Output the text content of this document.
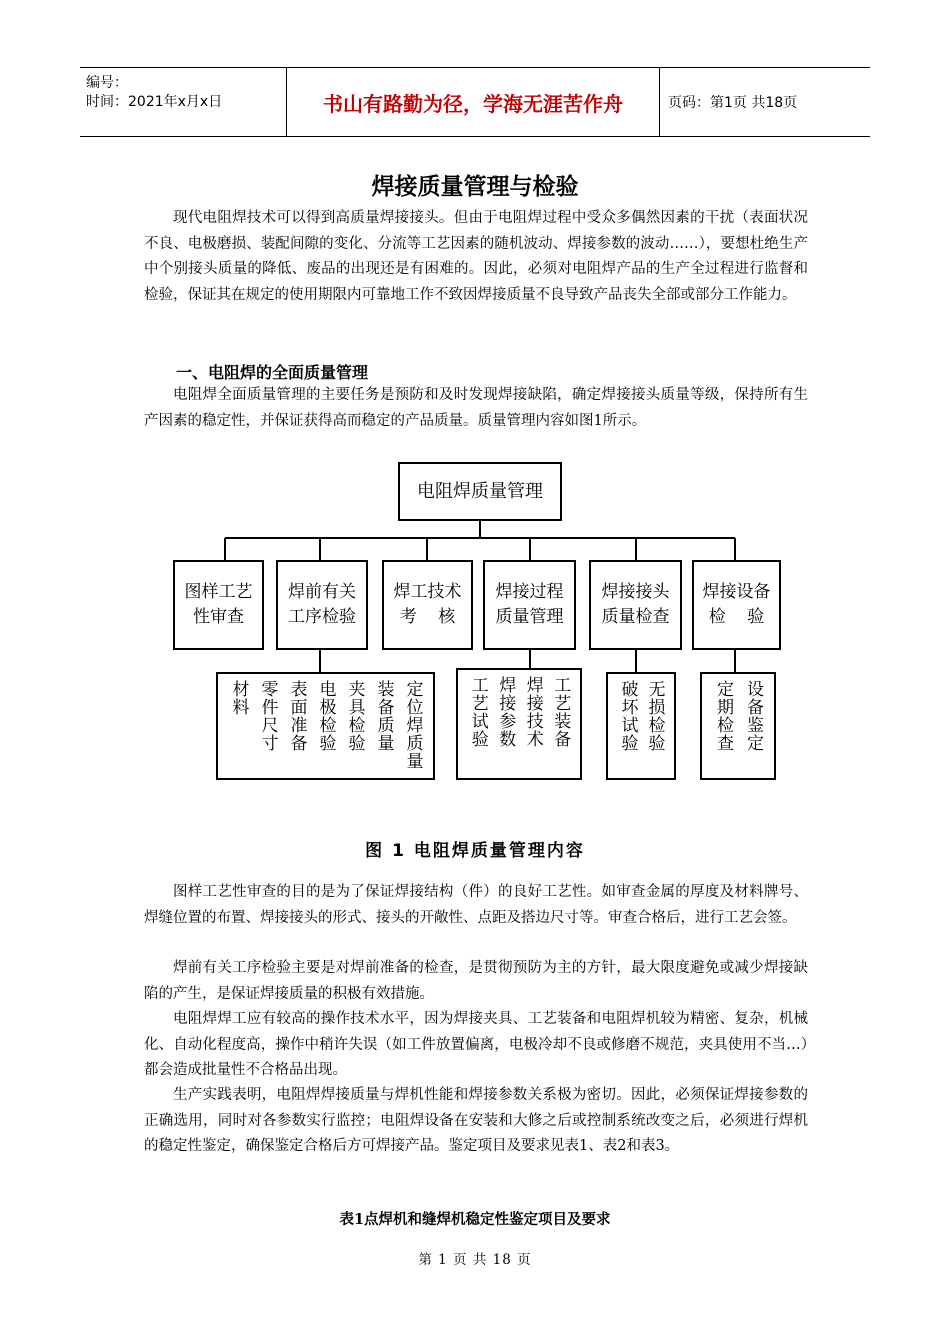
编号：
时间：2021年x月x日	书山有路勤为径，学海无涯苦作舟	页码：第1页 共18页
焊接质量管理与检验

现代电阻焊技术可以得到高质量焊接接头。但由于电阻焊过程中受众多偶然因素的干扰（表面状况不良、电极磨损、装配间隙的变化、分流等工艺因素的随机波动、焊接参数的波动……），要想杜绝生产中个别接头质量的降低、废品的出现还是有困难的。因此，必须对电阻焊产品的生产全过程进行监督和检验，保证其在规定的使用期限内可靠地工作不致因焊接质量不良导致产品丧失全部或部分工作能力。

一、电阻焊的全面质量管理

电阻焊全面质量管理的主要任务是预防和及时发现焊接缺陷，确定焊接接头质量等级，保持所有生产因素的稳定性，并保证获得高而稳定的产品质量。质量管理内容如图1所示。

电阻焊质量管理
图样工艺
性审查
焊前有关
工序检验
焊工技术
考    核
焊接过程
质量管理
焊接接头
质量检查
焊接设备
检    验
材料 零件尺寸 表面准备 电极检验 夹具检验 装备质量 定位焊质量	工艺试验 焊接参数 焊接技术 工艺装备	破坏试验 无损检验	定期检查 设备鉴定
图 1 电阻焊质量管理内容

图样工艺性审查的目的是为了保证焊接结构（件）的良好工艺性。如审查金属的厚度及材料牌号、焊缝位置的布置、焊接接头的形式、接头的开敞性、点距及搭边尺寸等。审查合格后，进行工艺会签。

焊前有关工序检验主要是对焊前准备的检查，是贯彻预防为主的方针，最大限度避免或减少焊接缺陷的产生，是保证焊接质量的积极有效措施。

电阻焊焊工应有较高的操作技术水平，因为焊接夹具、工艺装备和电阻焊机较为精密、复杂，机械化、自动化程度高，操作中稍许失误（如工件放置偏离，电极冷却不良或修磨不规范，夹具使用不当…）都会造成批量性不合格品出现。

生产实践表明，电阻焊焊接质量与焊机性能和焊接参数关系极为密切。因此，必须保证焊接参数的正确选用，同时对各参数实行监控；电阻焊设备在安装和大修之后或控制系统改变之后，必须进行焊机的稳定性鉴定，确保鉴定合格后方可焊接产品。鉴定项目及要求见表1、表2和表3。

表1点焊机和缝焊机稳定性鉴定项目及要求
第 1 页 共 18 页
